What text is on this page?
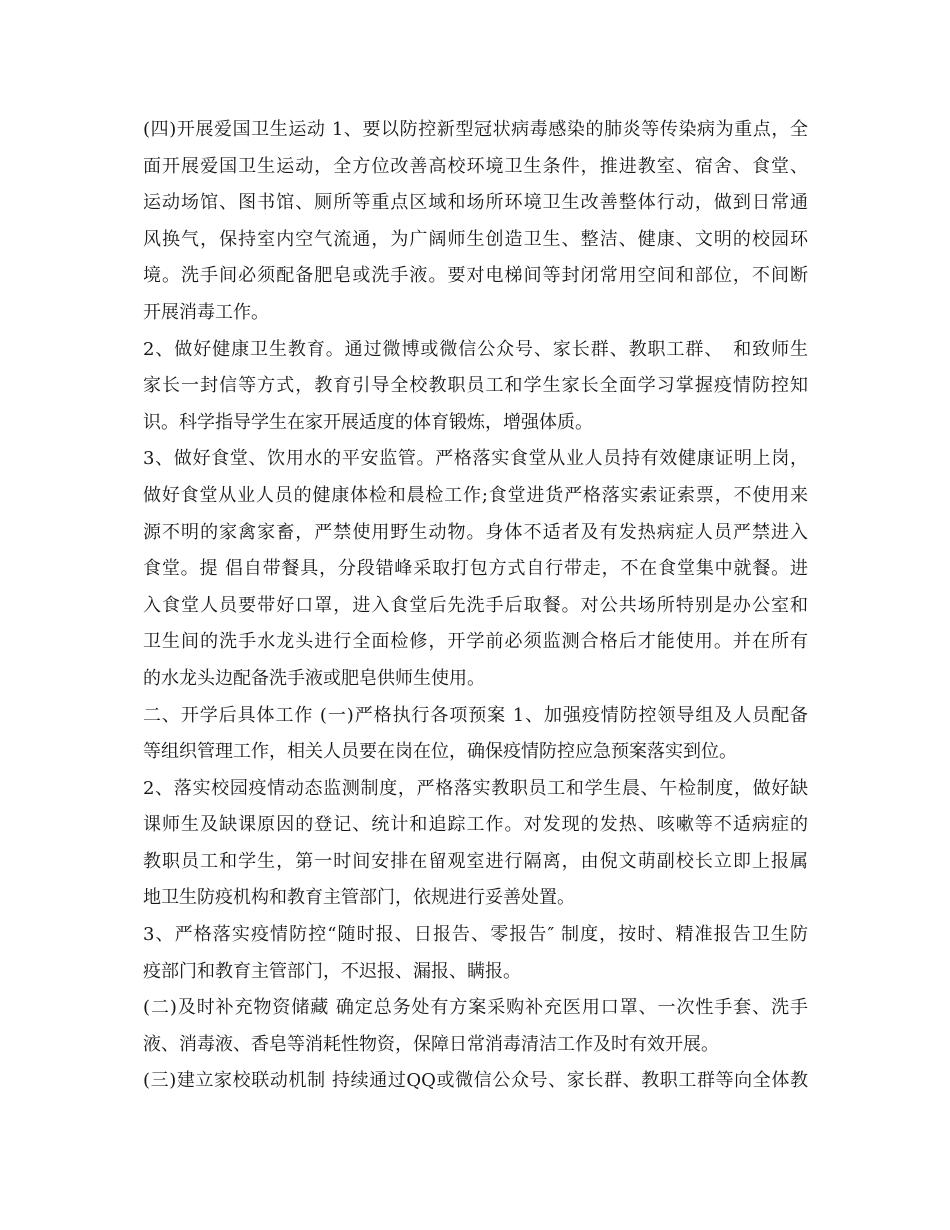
(四)开展爱国卫生运动 1、要以防控新型冠状病毒感染的肺炎等传染病为重点，全
面开展爱国卫生运动，全方位改善高校环境卫生条件，推进教室、宿舍、食堂、
运动场馆、图书馆、厕所等重点区域和场所环境卫生改善整体行动，做到日常通
风换气，保持室内空气流通，为广阔师生创造卫生、整洁、健康、文明的校园环
境。洗手间必须配备肥皂或洗手液。要对电梯间等封闭常用空间和部位，不间断
开展消毒工作。
2、做好健康卫生教育。通过微博或微信公众号、家长群、教职工群、　和致师生
家长一封信等方式，教育引导全校教职员工和学生家长全面学习掌握疫情防控知
识。科学指导学生在家开展适度的体育锻炼，增强体质。
3、做好食堂、饮用水的平安监管。严格落实食堂从业人员持有效健康证明上岗，
做好食堂从业人员的健康体检和晨检工作;食堂进货严格落实索证索票，不使用来
源不明的家禽家畜，严禁使用野生动物。身体不适者及有发热病症人员严禁进入
食堂。提 倡自带餐具，分段错峰采取打包方式自行带走，不在食堂集中就餐。进
入食堂人员要带好口罩，进入食堂后先洗手后取餐。对公共场所特别是办公室和
卫生间的洗手水龙头进行全面检修，开学前必须监测合格后才能使用。并在所有
的水龙头边配备洗手液或肥皂供师生使用。
二、开学后具体工作 (一)严格执行各项预案 1、加强疫情防控领导组及人员配备
等组织管理工作，相关人员要在岗在位，确保疫情防控应急预案落实到位。
2、落实校园疫情动态监测制度，严格落实教职员工和学生晨、午检制度，做好缺
课师生及缺课原因的登记、统计和追踪工作。对发现的发热、咳嗽等不适病症的
教职员工和学生，第一时间安排在留观室进行隔离，由倪文萌副校长立即上报属
地卫生防疫机构和教育主管部门，依规进行妥善处置。
3、严格落实疫情防控“随时报、日报告、零报告″ 制度，按时、精准报告卫生防
疫部门和教育主管部门，不迟报、漏报、瞒报。
(二)及时补充物资储藏 确定总务处有方案采购补充医用口罩、一次性手套、洗手
液、消毒液、香皂等消耗性物资，保障日常消毒清洁工作及时有效开展。
(三)建立家校联动机制 持续通过QQ或微信公众号、家长群、教职工群等向全体教
